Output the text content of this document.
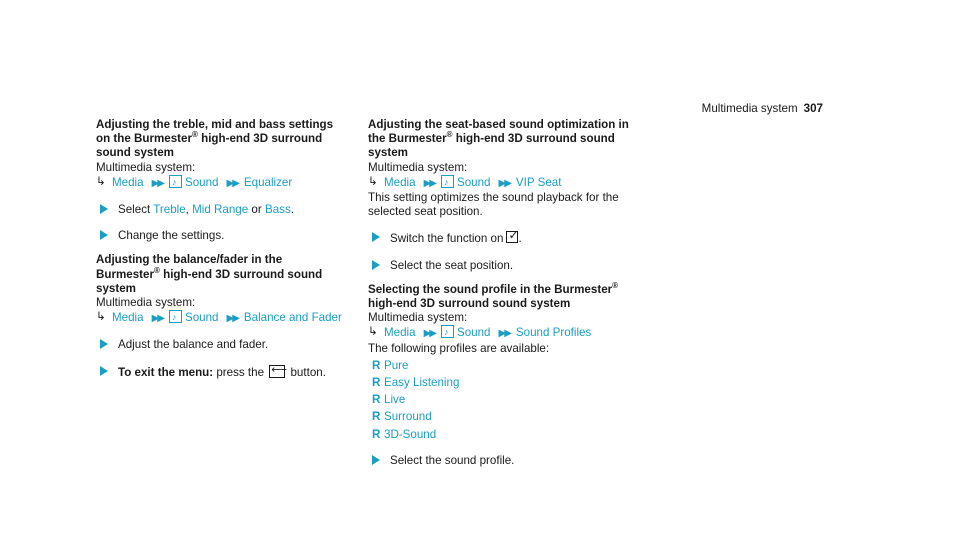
Multimedia system 307
Adjusting the treble, mid and bass settings on the Burmester® high-end 3D surround sound system
Multimedia system:
↳ Media ▶▶ ♪ Sound ▶▶ Equalizer
Select Treble, Mid Range or Bass.
Change the settings.
Adjusting the balance/fader in the Burmester® high-end 3D surround sound system
Multimedia system:
↳ Media ▶▶ ♪ Sound ▶▶ Balance and Fader
Adjust the balance and fader.
To exit the menu: press the ⟵ button.
Adjusting the seat-based sound optimization in the Burmester® high-end 3D surround sound system
Multimedia system:
↳ Media ▶▶ ♪ Sound ▶▶ VIP Seat
This setting optimizes the sound playback for the selected seat position.
Switch the function on ✓ .
Select the seat position.
Selecting the sound profile in the Burmester® high-end 3D surround sound system
Multimedia system:
↳ Media ▶▶ ♪ Sound ▶▶ Sound Profiles
The following profiles are available:
R Pure
R Easy Listening
R Live
R Surround
R 3D-Sound
Select the sound profile.
